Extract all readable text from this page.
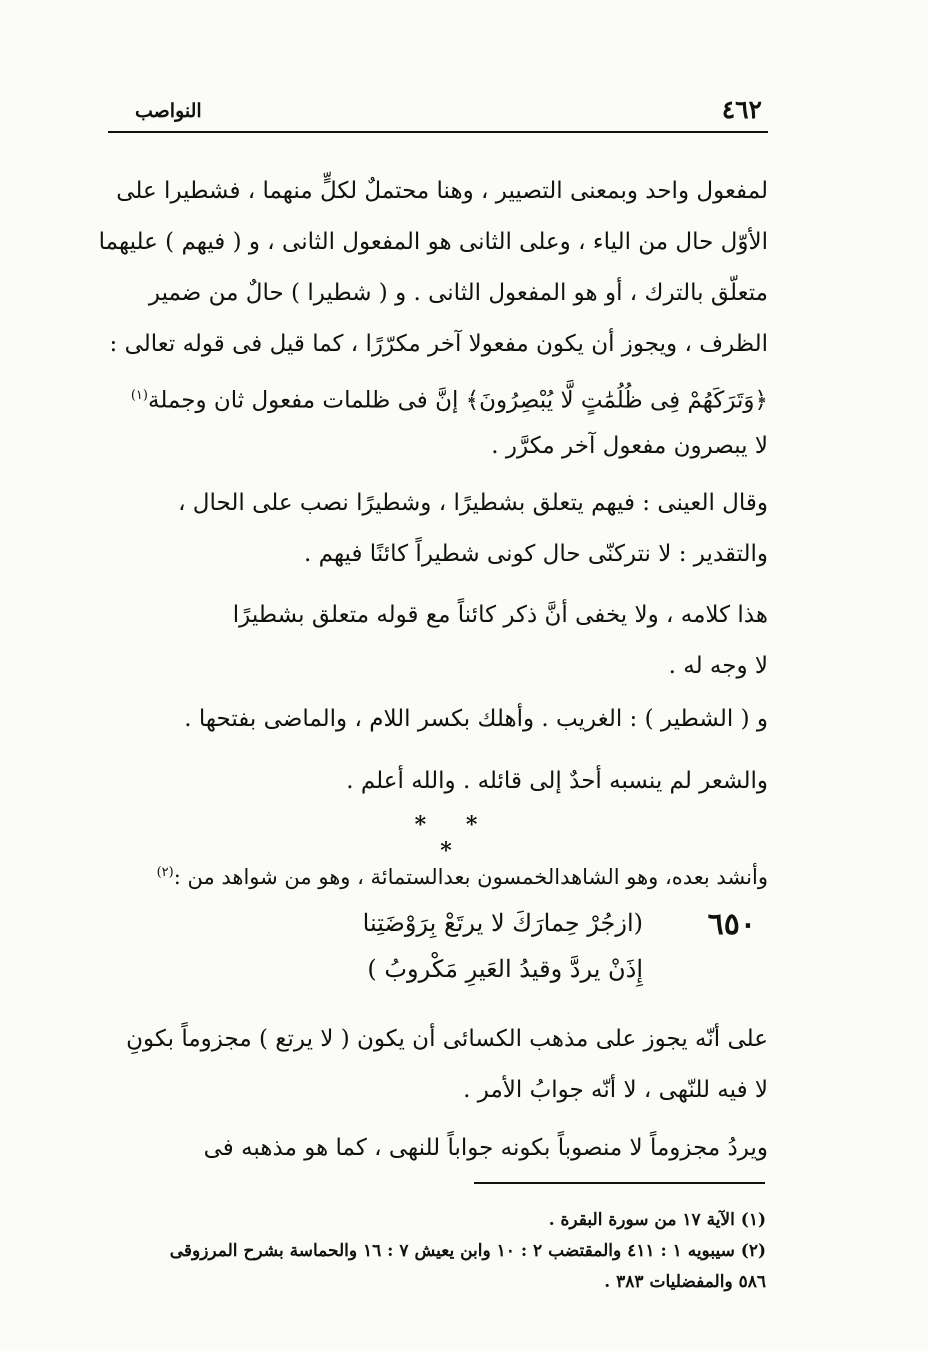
٤٦٢
النواصب
لمفعول واحد وبمعنى التصيير ، وهنا محتملٌ لكلٍّ منهما ، فشطيرا على
الأوّل حال من الياء ، وعلى الثانى هو المفعول الثانى ، و ( فيهم ) عليهما
متعلّق بالترك ، أو هو المفعول الثانى . و ( شطيرا ) حالٌ من ضمير
الظرف ، ويجوز أن يكون مفعولا آخر مكرّرًا ، كما قيل فى قوله تعالى :
﴿وَتَرَكَهُمْ فِى ظُلُمَٰتٍ لَّا يُبْصِرُونَ﴾ إنَّ فى ظلمات مفعول ثان وجملة$^{(١)}$
لا يبصرون مفعول آخر مكرَّر .
وقال العينى : فيهم يتعلق بشطيرًا ، وشطيرًا نصب على الحال ،
والتقدير : لا نتركنّى حال كونى شطيراً كائنًا فيهم .
هذا كلامه ، ولا يخفى أنَّ ذكر كائناً مع قوله متعلق بشطيرًا
لا وجه له .
و ( الشطير ) : الغريب . وأهلك بكسر اللام ، والماضى بفتحها .
والشعر لم ينسبه أحدٌ إلى قائله . والله أعلم .
* * *
وأنشد بعده، وهو الشاهدالخمسون بعدالستمائة ، وهو من شواهد من :$^{(٢)}$
٦٥٠
(ازجُرْ حِمارَكَ لا يرتَعْ بِرَوْضَتِنا
إِذَنْ يردَّ وقيدُ العَيرِ مَكْروبُ )
على أنّه يجوز على مذهب الكسائى أن يكون ( لا يرتع ) مجزوماً بكونِ
لا فيه للنّهى ، لا أنّه جوابُ الأمر .
ويردُ مجزوماً لا منصوباً بكونه جواباً للنهى ، كما هو مذهبه فى
(١) الآية ١٧ من سورة البقرة .
(٢) سيبويه ١ : ٤١١ والمقتضب ٢ : ١٠ وابن يعيش ٧ : ١٦ والحماسة بشرح المرزوقى
٥٨٦ والمفضليات ٣٨٣ .
